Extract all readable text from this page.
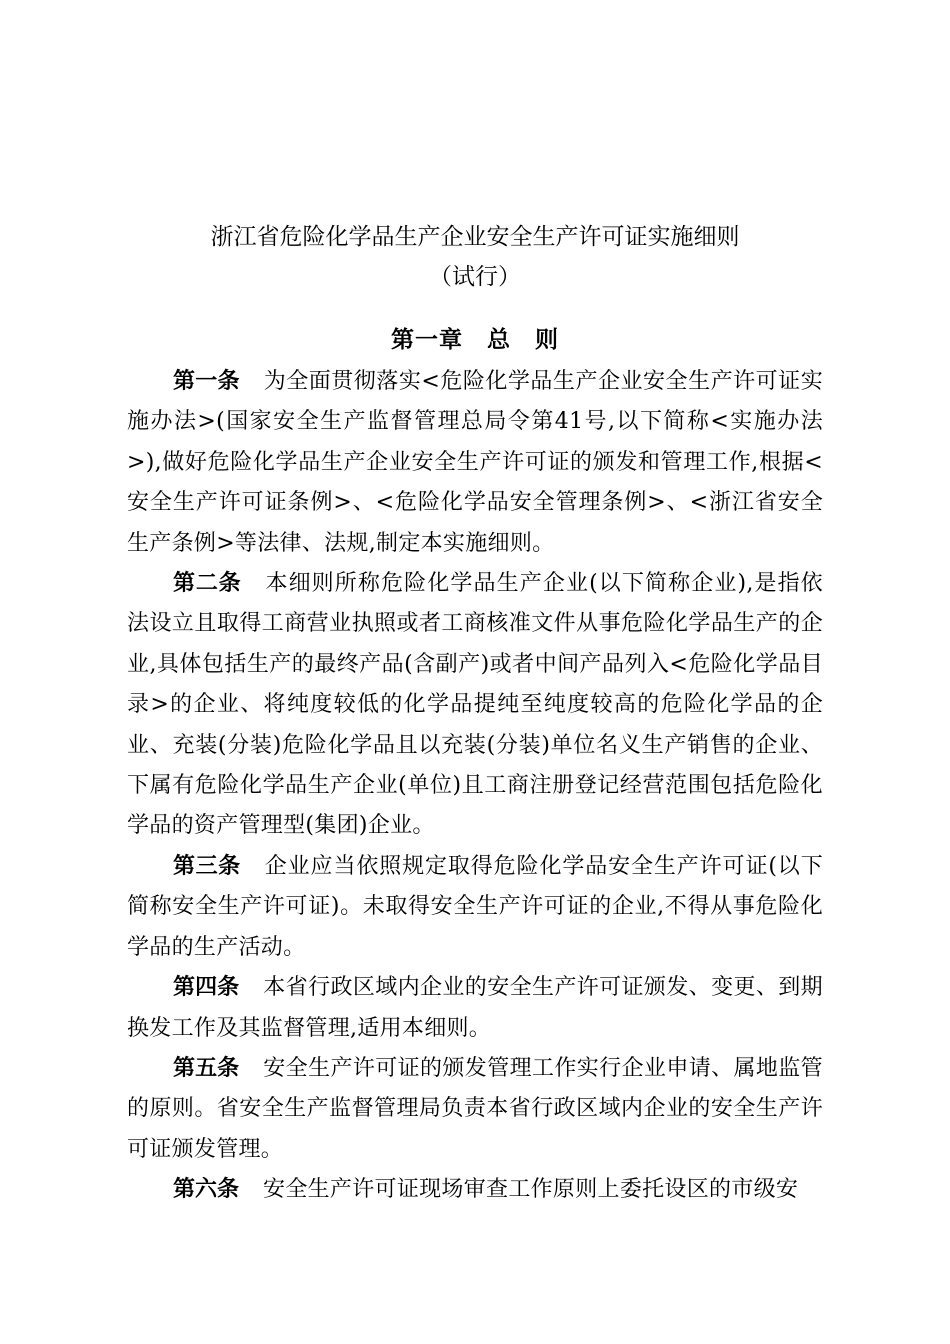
浙江省危险化学品生产企业安全生产许可证实施细则
（试行）
第一章　总　则

第一条 为全面贯彻落实<危险化学品生产企业安全生产许可证实施办法>(国家安全生产监督管理总局令第41号,以下简称<实施办法>),做好危险化学品生产企业安全生产许可证的颁发和管理工作,根据<安全生产许可证条例>、<危险化学品安全管理条例>、<浙江省安全生产条例>等法律、法规,制定本实施细则。

第二条 本细则所称危险化学品生产企业(以下简称企业),是指依法设立且取得工商营业执照或者工商核准文件从事危险化学品生产的企业,具体包括生产的最终产品(含副产)或者中间产品列入<危险化学品目录>的企业、将纯度较低的化学品提纯至纯度较高的危险化学品的企业、充装(分装)危险化学品且以充装(分装)单位名义生产销售的企业、下属有危险化学品生产企业(单位)且工商注册登记经营范围包括危险化学品的资产管理型(集团)企业。

第三条 企业应当依照规定取得危险化学品安全生产许可证(以下简称安全生产许可证)。未取得安全生产许可证的企业,不得从事危险化学品的生产活动。

第四条 本省行政区域内企业的安全生产许可证颁发、变更、到期换发工作及其监督管理,适用本细则。

第五条 安全生产许可证的颁发管理工作实行企业申请、属地监管的原则。省安全生产监督管理局负责本省行政区域内企业的安全生产许可证颁发管理。

第六条 安全生产许可证现场审查工作原则上委托设区的市级安
